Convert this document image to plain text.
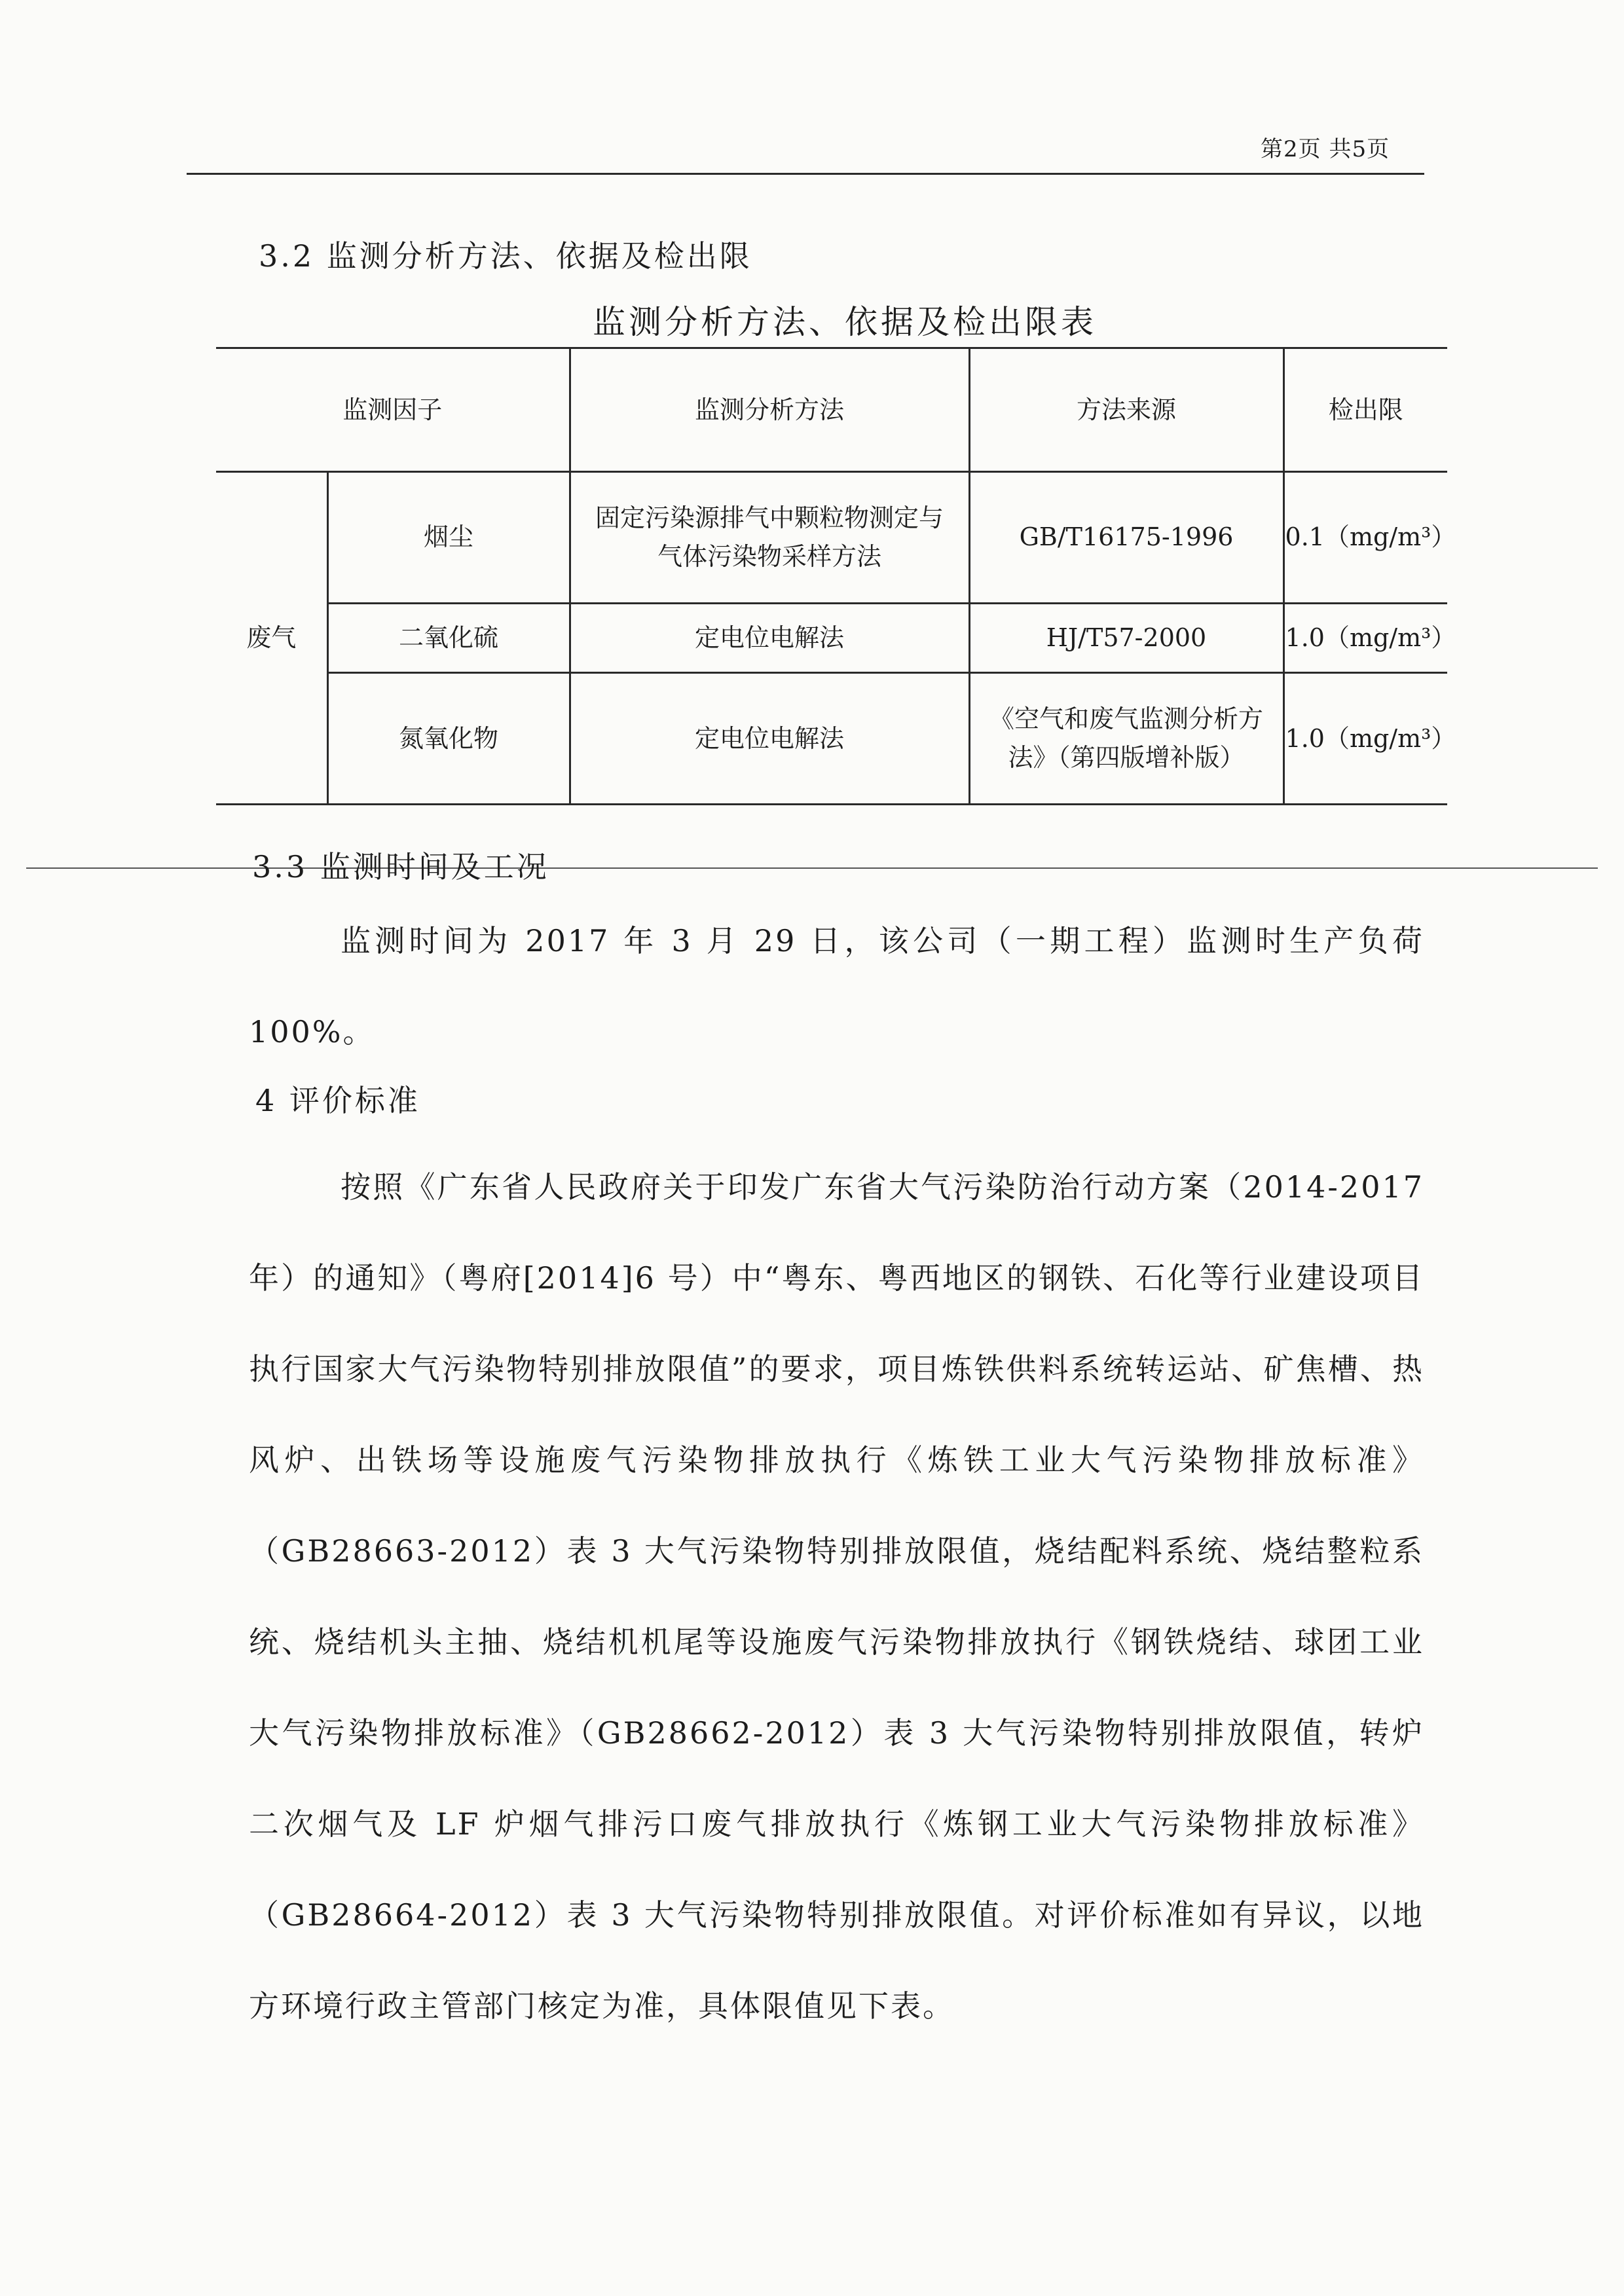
第2页 共5页
3.2 监测分析方法、依据及检出限
监测分析方法、依据及检出限表
监测因子		监测分析方法	方法来源	检出限
废气	烟尘	固定污染源排气中颗粒物测定与气体污染物采样方法	GB/T16175-1996	0.1（mg/m³）
	二氧化硫	定电位电解法	HJ/T57-2000	1.0（mg/m³）
	氮氧化物	定电位电解法	《空气和废气监测分析方法》（第四版增补版）	1.0（mg/m³）
3.3 监测时间及工况

监测时间为 2017 年 3 月 29 日，该公司（一期工程）监测时生产负荷 100%。

4 评价标准

按照《广东省人民政府关于印发广东省大气污染防治行动方案（2014-2017 年）的通知》（粤府[2014]6 号）中“粤东、粤西地区的钢铁、石化等行业建设项目执行国家大气污染物特别排放限值”的要求，项目炼铁供料系统转运站、矿焦槽、热风炉、出铁场等设施废气污染物排放执行《炼铁工业大气污染物排放标准》（GB28663-2012）表 3 大气污染物特别排放限值，烧结配料系统、烧结整粒系统、烧结机头主抽、烧结机机尾等设施废气污染物排放执行《钢铁烧结、球团工业大气污染物排放标准》（GB28662-2012）表 3 大气污染物特别排放限值，转炉二次烟气及 LF 炉烟气排污口废气排放执行《炼钢工业大气污染物排放标准》（GB28664-2012）表 3 大气污染物特别排放限值。对评价标准如有异议，以地方环境行政主管部门核定为准，具体限值见下表。
